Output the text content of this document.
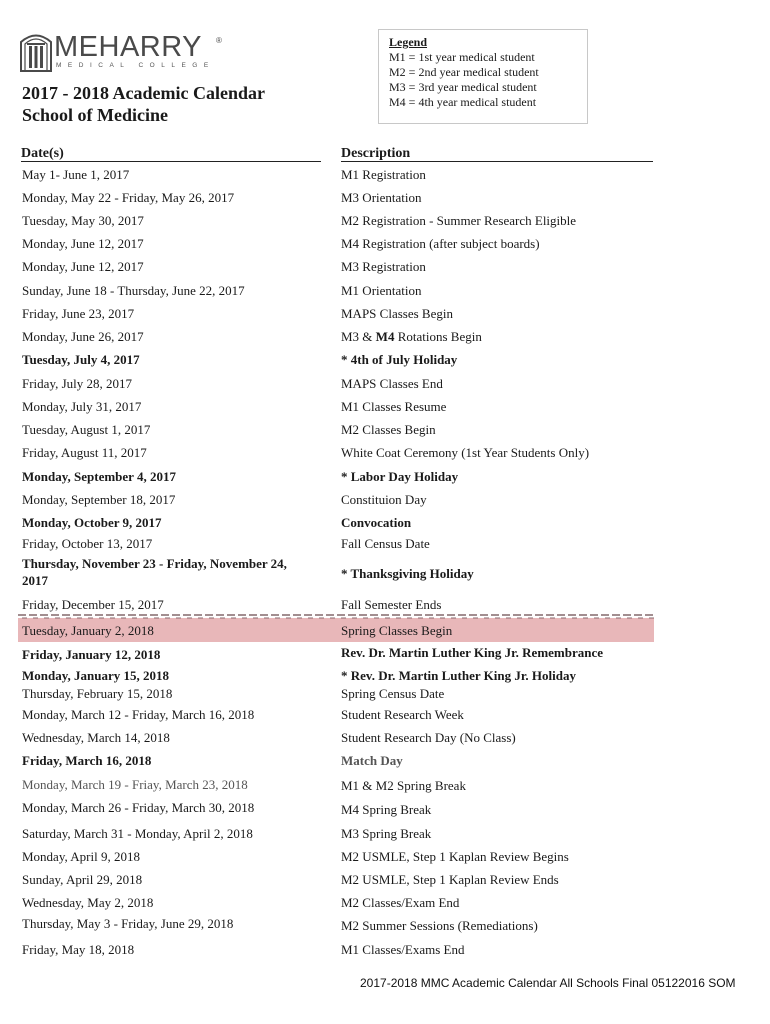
MEHARRY ®
MEDICAL COLLEGE
2017 - 2018 Academic Calendar
School of Medicine
Legend
M1 = 1st year medical student
M2 = 2nd year medical student
M3 = 3rd year medical student
M4 = 4th year medical student
Date(s)	Description
May 1- June 1, 2017	M1 Registration
Monday, May 22 - Friday, May 26, 2017	M3 Orientation
Tuesday, May 30, 2017	M2 Registration - Summer Research Eligible
Monday, June 12, 2017	M4 Registration (after subject boards)
Monday, June 12, 2017	M3 Registration
Sunday, June 18 - Thursday, June 22, 2017	M1 Orientation
Friday, June 23, 2017	MAPS Classes Begin
Monday, June 26, 2017	M3 & M4 Rotations Begin
Tuesday, July 4, 2017	* 4th of July Holiday
Friday, July 28, 2017	MAPS Classes End
Monday, July 31, 2017	M1 Classes Resume
Tuesday, August 1, 2017	M2 Classes Begin
Friday, August 11, 2017	White Coat Ceremony (1st Year Students Only)
Monday, September 4, 2017	* Labor Day Holiday
Monday, September 18, 2017	Constituion Day
Monday, October 9, 2017	Convocation
Friday, October 13, 2017	Fall Census Date
Thursday, November 23 - Friday, November 24,
2017	* Thanksgiving Holiday
Friday, December 15, 2017	Fall Semester Ends
Tuesday, January 2, 2018	Spring Classes Begin
Friday, January 12, 2018	Rev. Dr. Martin Luther King Jr. Remembrance
Monday, January 15, 2018	* Rev. Dr. Martin Luther King Jr. Holiday
Thursday, February 15, 2018	Spring Census Date
Monday, March 12 - Friday, March 16, 2018	Student Research Week
Wednesday, March 14, 2018	Student Research Day (No Class)
Friday, March 16, 2018	Match Day
Monday, March 19 - Friay, March 23, 2018	M1 & M2 Spring Break
Monday, March 26 - Friday, March 30, 2018	M4 Spring Break
Saturday, March 31 - Monday, April 2, 2018	M3 Spring Break
Monday, April 9, 2018	M2 USMLE, Step 1 Kaplan Review Begins
Sunday, April 29, 2018	M2 USMLE, Step 1 Kaplan Review Ends
Wednesday, May 2, 2018	M2 Classes/Exam End
Thursday, May 3 - Friday, June 29, 2018	M2 Summer Sessions (Remediations)
Friday, May 18, 2018	M1 Classes/Exams End
2017-2018 MMC Academic Calendar All Schools Final 05122016 SOM
